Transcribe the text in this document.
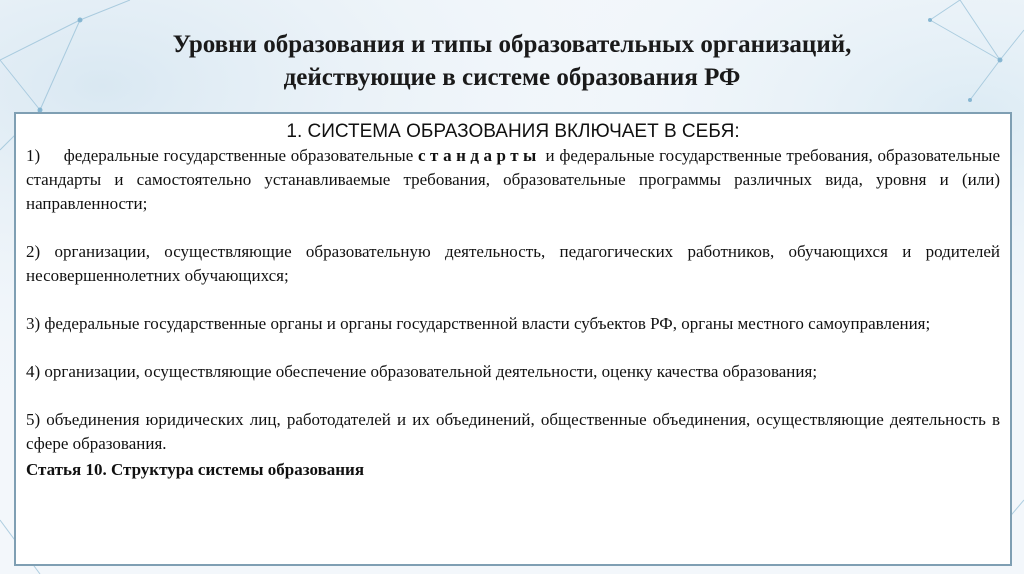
Уровни образования и типы образовательных организаций,
действующие в системе образования РФ
1. СИСТЕМА ОБРАЗОВАНИЯ ВКЛЮЧАЕТ В СЕБЯ:
1) федеральные государственные образовательные стандарты и федеральные государственные требования, образовательные стандарты и самостоятельно устанавливаемые требования, образовательные программы различных вида, уровня и (или) направленности;
2) организации, осуществляющие образовательную деятельность, педагогических работников, обучающихся и родителей несовершеннолетних обучающихся;
3) федеральные государственные органы и органы государственной власти субъектов РФ, органы местного самоуправления;
4) организации, осуществляющие обеспечение образовательной деятельности, оценку качества образования;
5) объединения юридических лиц, работодателей и их объединений, общественные объединения, осуществляющие деятельность в сфере образования.
Статья 10. Структура системы образования
